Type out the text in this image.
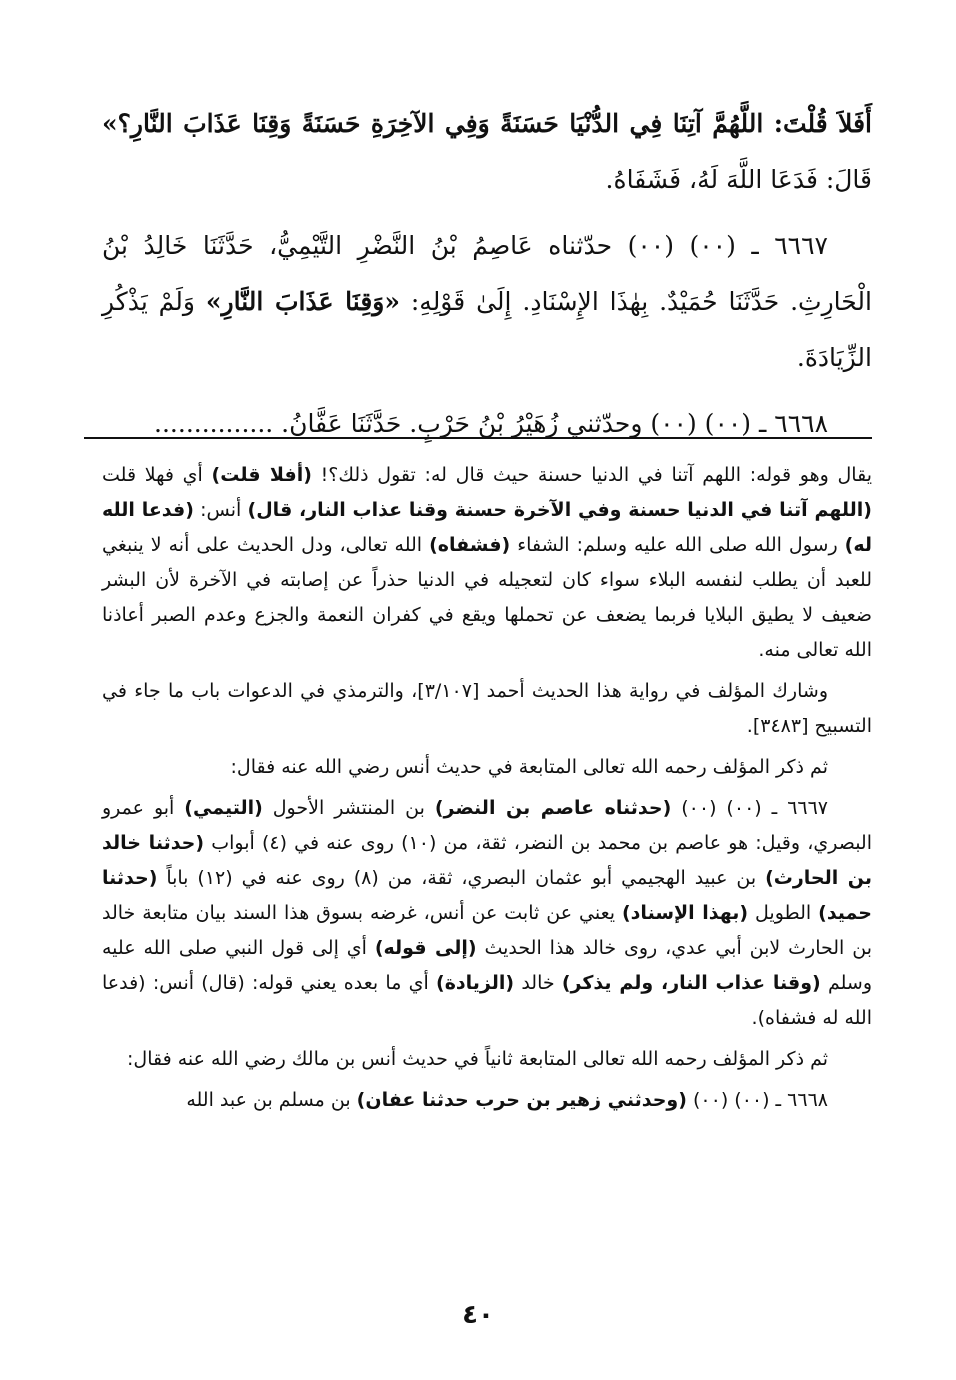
أَفَلاَ قُلْتَ: اللَّهُمَّ آتِنَا فِي الدُّنْيَا حَسَنَةً وَفِي الآخِرَةِ حَسَنَةً وَقِنَا عَذَابَ النَّارِ؟» قَالَ: فَدَعَا اللَّهَ لَهُ، فَشَفَاهُ.

٦٦٦٧ ـ (٠٠) (٠٠) حدّثناه عَاصِمُ بْنُ النَّضْرِ التَّيْمِيُّ، حَدَّثَنَا خَالِدُ بْنُ الْحَارِثِ. حَدَّثَنَا حُمَيْدٌ. بِهٰذَا الإِسْنَادِ. إِلَىٰ قَوْلِهِ: «وَقِنَا عَذَابَ النَّارِ» وَلَمْ يَذْكُرِ الزِّيَادَةَ.

٦٦٦٨ ـ (٠٠) (٠٠) وحدّثني زُهَيْرُ بْنُ حَرْبٍ. حَدَّثَنَا عَفَّانُ. ...............

يقال وهو قوله: اللهم آتنا في الدنيا حسنة حيث قال له: تقول ذلك؟! (أفلا قلت) أي فهلا قلت (اللهم آتنا في الدنيا حسنة وفي الآخرة حسنة وقنا عذاب النار، قال) أنس: (فدعا الله له) رسول الله صلى الله عليه وسلم: الشفاء (فشفاه) الله تعالى، ودل الحديث على أنه لا ينبغي للعبد أن يطلب لنفسه البلاء سواء كان لتعجيله في الدنيا حذراً عن إصابته في الآخرة لأن البشر ضعيف لا يطيق البلايا فربما يضعف عن تحملها ويقع في كفران النعمة والجزع وعدم الصبر أعاذنا الله تعالى منه.

وشارك المؤلف في رواية هذا الحديث أحمد [٣/١٠٧]، والترمذي في الدعوات باب ما جاء في التسبيح [٣٤٨٣].

ثم ذكر المؤلف رحمه الله تعالى المتابعة في حديث أنس رضي الله عنه فقال:

٦٦٦٧ ـ (٠٠) (٠٠) (حدثناه عاصم بن النضر) بن المنتشر الأحول (التيمي) أبو عمرو البصري، وقيل: هو عاصم بن محمد بن النضر، ثقة، من (١٠) روى عنه في (٤) أبواب (حدثنا خالد بن الحارث) بن عبيد الهجيمي أبو عثمان البصري، ثقة، من (٨) روى عنه في (١٢) باباً (حدثنا حميد) الطويل (بهذا الإسناد) يعني عن ثابت عن أنس، غرضه بسوق هذا السند بيان متابعة خالد بن الحارث لابن أبي عدي، روى خالد هذا الحديث (إلى قوله) أي إلى قول النبي صلى الله عليه وسلم (وقنا عذاب النار، ولم يذكر) خالد (الزيادة) أي ما بعده يعني قوله: (قال) أنس: (فدعا الله له فشفاه).

ثم ذكر المؤلف رحمه الله تعالى المتابعة ثانياً في حديث أنس بن مالك رضي الله عنه فقال:

٦٦٦٨ ـ (٠٠) (٠٠) (وحدثني زهير بن حرب حدثنا عفان) بن مسلم بن عبد الله

٤٠
